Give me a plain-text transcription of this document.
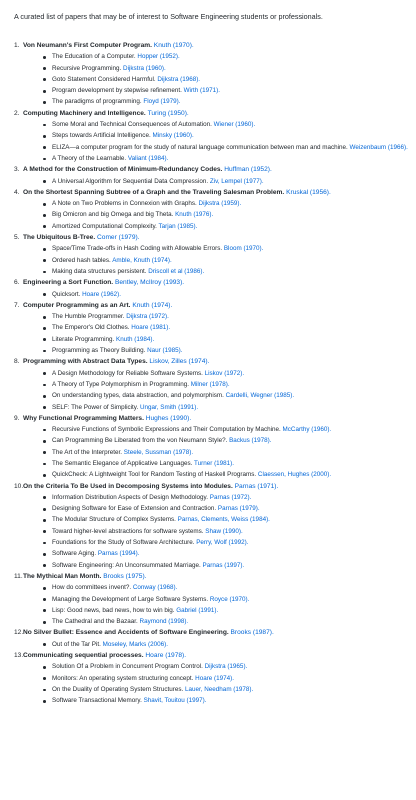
A curated list of papers that may be of interest to Software Engineering students or professionals.
1. Von Neumann's First Computer Program. Knuth (1970).
The Education of a Computer. Hopper (1952).
Recursive Programming. Dijkstra (1960).
Goto Statement Considered Harmful. Dijkstra (1968).
Program development by stepwise refinement. Wirth (1971).
The paradigms of programming. Floyd (1979).
2. Computing Machinery and Intelligence. Turing (1950).
Some Moral and Technical Consequences of Automation. Wiener (1960).
Steps towards Artificial Intelligence. Minsky (1960).
ELIZA—a computer program for the study of natural language communication between man and machine. Weizenbaum (1966).
A Theory of the Learnable. Valiant (1984).
3. A Method for the Construction of Minimum-Redundancy Codes. Huffman (1952).
A Universal Algorithm for Sequential Data Compression. Ziv, Lempel (1977).
4. On the Shortest Spanning Subtree of a Graph and the Traveling Salesman Problem. Kruskal (1956).
A Note on Two Problems in Connexion with Graphs. Dijkstra (1959).
Big Omicron and big Omega and big Theta. Knuth (1976).
Amortized Computational Complexity. Tarjan (1985).
5. The Ubiquitous B-Tree. Comer (1979).
Space/Time Trade-offs in Hash Coding with Allowable Errors. Bloom (1970).
Ordered hash tables. Amble, Knuth (1974).
Making data structures persistent. Driscoll et al (1986).
6. Engineering a Sort Function. Bentley, McIlroy (1993).
Quicksort. Hoare (1962).
7. Computer Programming as an Art. Knuth (1974).
The Humble Programmer. Dijkstra (1972).
The Emperor's Old Clothes. Hoare (1981).
Literate Programming. Knuth (1984).
Programming as Theory Building. Naur (1985).
8. Programming with Abstract Data Types. Liskov, Zilles (1974).
A Design Methodology for Reliable Software Systems. Liskov (1972).
A Theory of Type Polymorphism in Programming. Milner (1978).
On understanding types, data abstraction, and polymorphism. Cardelli, Wegner (1985).
SELF: The Power of Simplicity. Ungar, Smith (1991).
9. Why Functional Programming Matters. Hughes (1990).
Recursive Functions of Symbolic Expressions and Their Computation by Machine. McCarthy (1960).
Can Programming Be Liberated from the von Neumann Style?. Backus (1978).
The Art of the Interpreter. Steele, Sussman (1978).
The Semantic Elegance of Applicative Languages. Turner (1981).
QuickCheck: A Lightweight Tool for Random Testing of Haskell Programs. Claessen, Hughes (2000).
10. On the Criteria To Be Used in Decomposing Systems into Modules. Parnas (1971).
Information Distribution Aspects of Design Methodology. Parnas (1972).
Designing Software for Ease of Extension and Contraction. Parnas (1979).
The Modular Structure of Complex Systems. Parnas, Clements, Weiss (1984).
Toward higher-level abstractions for software systems. Shaw (1990).
Foundations for the Study of Software Architecture. Perry, Wolf (1992).
Software Aging. Parnas (1994).
Software Engineering: An Unconsummated Marriage. Parnas (1997).
11. The Mythical Man Month. Brooks (1975).
How do committees invent?. Conway (1968).
Managing the Development of Large Software Systems. Royce (1970).
Lisp: Good news, bad news, how to win big. Gabriel (1991).
The Cathedral and the Bazaar. Raymond (1998).
12. No Silver Bullet: Essence and Accidents of Software Engineering. Brooks (1987).
Out of the Tar Pit. Moseley, Marks (2006).
13. Communicating sequential processes. Hoare (1978).
Solution Of a Problem in Concurrent Program Control. Dijkstra (1965).
Monitors: An operating system structuring concept. Hoare (1974).
On the Duality of Operating System Structures. Lauer, Needham (1978).
Software Transactional Memory. Shavit, Touitou (1997).
